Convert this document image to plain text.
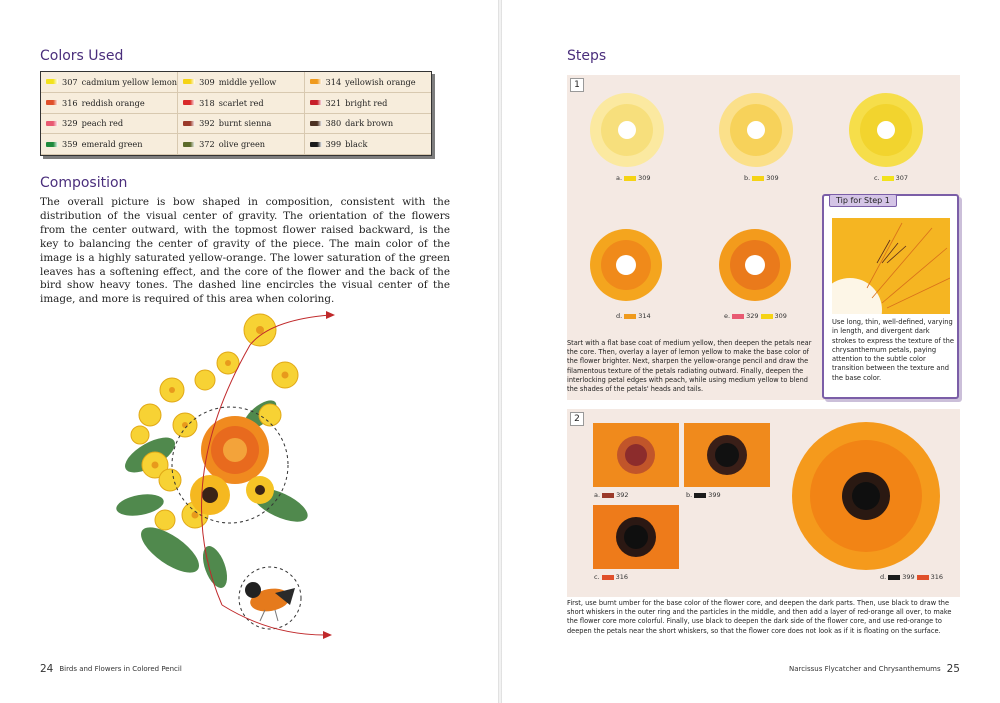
Colors Used
307 cadmium yellow lemon	309 middle yellow	314 yellowish orange
316 reddish orange	318 scarlet red	321 bright red
329 peach red	392 burnt sienna	380 dark brown
359 emerald green	372 olive green	399 black
Composition
The overall picture is bow shaped in composition, consistent with the distribution of the visual center of gravity. The orientation of the flowers from the center outward, with the topmost flower raised backward, is the key to balancing the center of gravity of the piece. The main color of the image is a highly saturated yellow-orange. The lower saturation of the green leaves has a softening effect, and the core of the flower and the back of the bird show heavy tones. The dashed line encircles the visual center of the image, and more is required of this area when coloring.
24 Birds and Flowers in Colored Pencil
Steps
1
a. 309	b. 309	c. 307
d. 314	e. 329 309
Start with a flat base coat of medium yellow, then deepen the petals near the core. Then, overlay a layer of lemon yellow to make the base color of the flower brighter. Next, sharpen the yellow-orange pencil and draw the filamentous texture of the petals radiating outward. Finally, deepen the interlocking petal edges with peach, while using medium yellow to blend the shades of the petals' heads and tails.
Tip for Step 1
Use long, thin, well-defined, varying in length, and divergent dark strokes to express the texture of the chrysanthemum petals, paying attention to the subtle color transition between the texture and the base color.
2
a. 392	b. 399
c. 316	d. 399 316
First, use burnt umber for the base color of the flower core, and deepen the dark parts. Then, use black to draw the short whiskers in the outer ring and the particles in the middle, and then add a layer of red-orange all over, to make the flower core more colorful. Finally, use black to deepen the dark side of the flower core, and use red-orange to deepen the petals near the short whiskers, so that the flower core does not look as if it is floating on the surface.
Narcissus Flycatcher and Chrysanthemums 25
